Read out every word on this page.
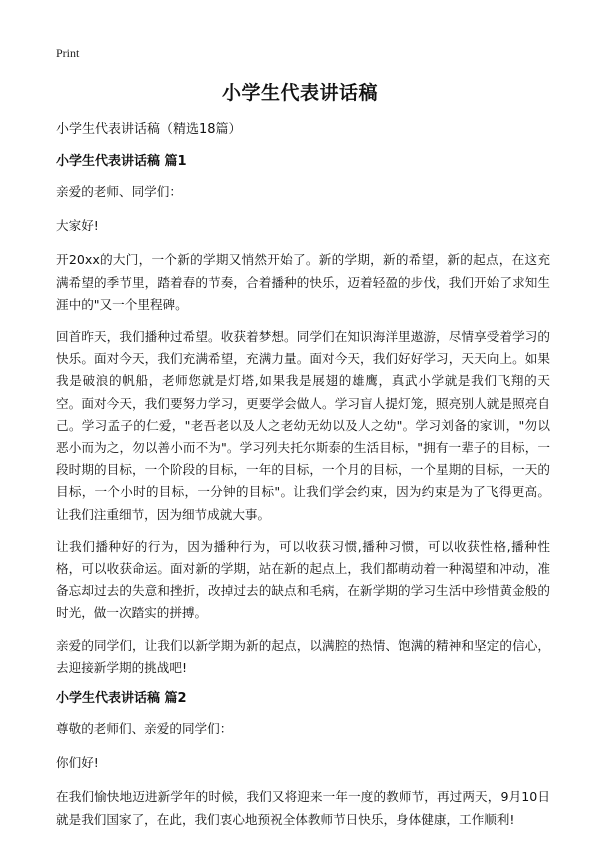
Print
小学生代表讲话稿

小学生代表讲话稿（精选18篇）

小学生代表讲话稿 篇1

亲爱的老师、同学们：

大家好!

开20xx的大门，一个新的学期又悄然开始了。新的学期，新的希望，新的起点，在这充满希望的季节里，踏着春的节奏，合着播种的快乐，迈着轻盈的步伐，我们开始了求知生涯中的"又一个里程碑。

回首昨天，我们播种过希望。收获着梦想。同学们在知识海洋里遨游，尽情享受着学习的快乐。面对今天，我们充满希望，充满力量。面对今天，我们好好学习，天天向上。如果我是破浪的帆船，老师您就是灯塔,如果我是展翅的雄鹰，真武小学就是我们飞翔的天空。面对今天，我们要努力学习，更要学会做人。学习盲人提灯笼，照亮别人就是照亮自己。学习孟子的仁爱，"老吾老以及人之老幼无幼以及人之幼"。学习刘备的家训，"勿以恶小而为之，勿以善小而不为"。学习列夫托尔斯泰的生活目标，"拥有一辈子的目标，一段时期的目标，一个阶段的目标，一年的目标，一个月的目标，一个星期的目标，一天的目标，一个小时的目标，一分钟的目标"。让我们学会约束，因为约束是为了飞得更高。让我们注重细节，因为细节成就大事。

让我们播种好的行为，因为播种行为，可以收获习惯,播种习惯，可以收获性格,播种性格，可以收获命运。面对新的学期，站在新的起点上，我们都萌动着一种渴望和冲动，准备忘却过去的失意和挫折，改掉过去的缺点和毛病，在新学期的学习生活中珍惜黄金般的时光，做一次踏实的拼搏。

亲爱的同学们，让我们以新学期为新的起点，以满腔的热情、饱满的精神和坚定的信心，去迎接新学期的挑战吧!

小学生代表讲话稿 篇2

尊敬的老师们、亲爱的同学们：

你们好!

在我们愉快地迈进新学年的时候，我们又将迎来一年一度的教师节，再过两天，9月10日就是我们国家了，在此，我们衷心地预祝全体教师节日快乐，身体健康，工作顺利!
